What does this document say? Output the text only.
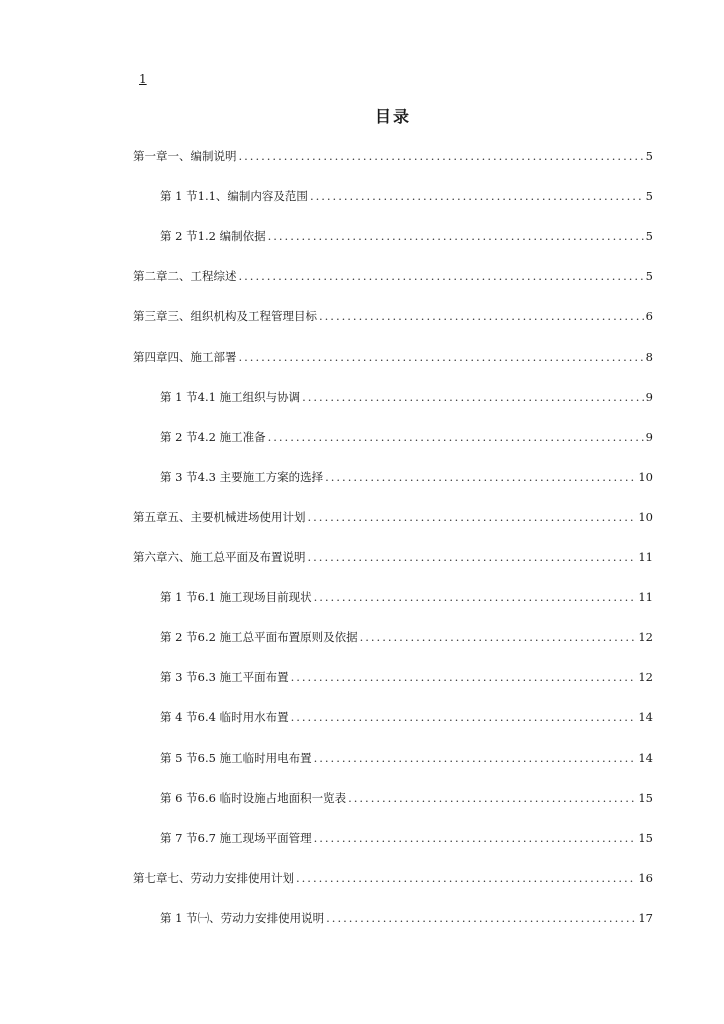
1
目录
第一章 一、编制说明 .....	5
第 1 节 1.1、编制内容及范围 .....	5
第 2 节 1.2 编制依据 .....	5
第二章 二、工程综述 .....	5
第三章 三、组织机构及工程管理目标 .....	6
第四章 四、施工部署 .....	8
第 1 节 4.1 施工组织与协调 .....	9
第 2 节 4.2 施工准备 .....	9
第 3 节 4.3 主要施工方案的选择 .....	10
第五章 五、主要机械进场使用计划 .....	10
第六章 六、施工总平面及布置说明 .....	11
第 1 节 6.1 施工现场目前现状 .....	11
第 2 节 6.2 施工总平面布置原则及依据 .....	12
第 3 节 6.3 施工平面布置 .....	12
第 4 节 6.4 临时用水布置 .....	14
第 5 节 6.5 施工临时用电布置 .....	14
第 6 节 6.6 临时设施占地面积一览表 .....	15
第 7 节 6.7 施工现场平面管理 .....	15
第七章 七、劳动力安排使用计划 .....	16
第 1 节 ㈠、劳动力安排使用说明 .....	17
